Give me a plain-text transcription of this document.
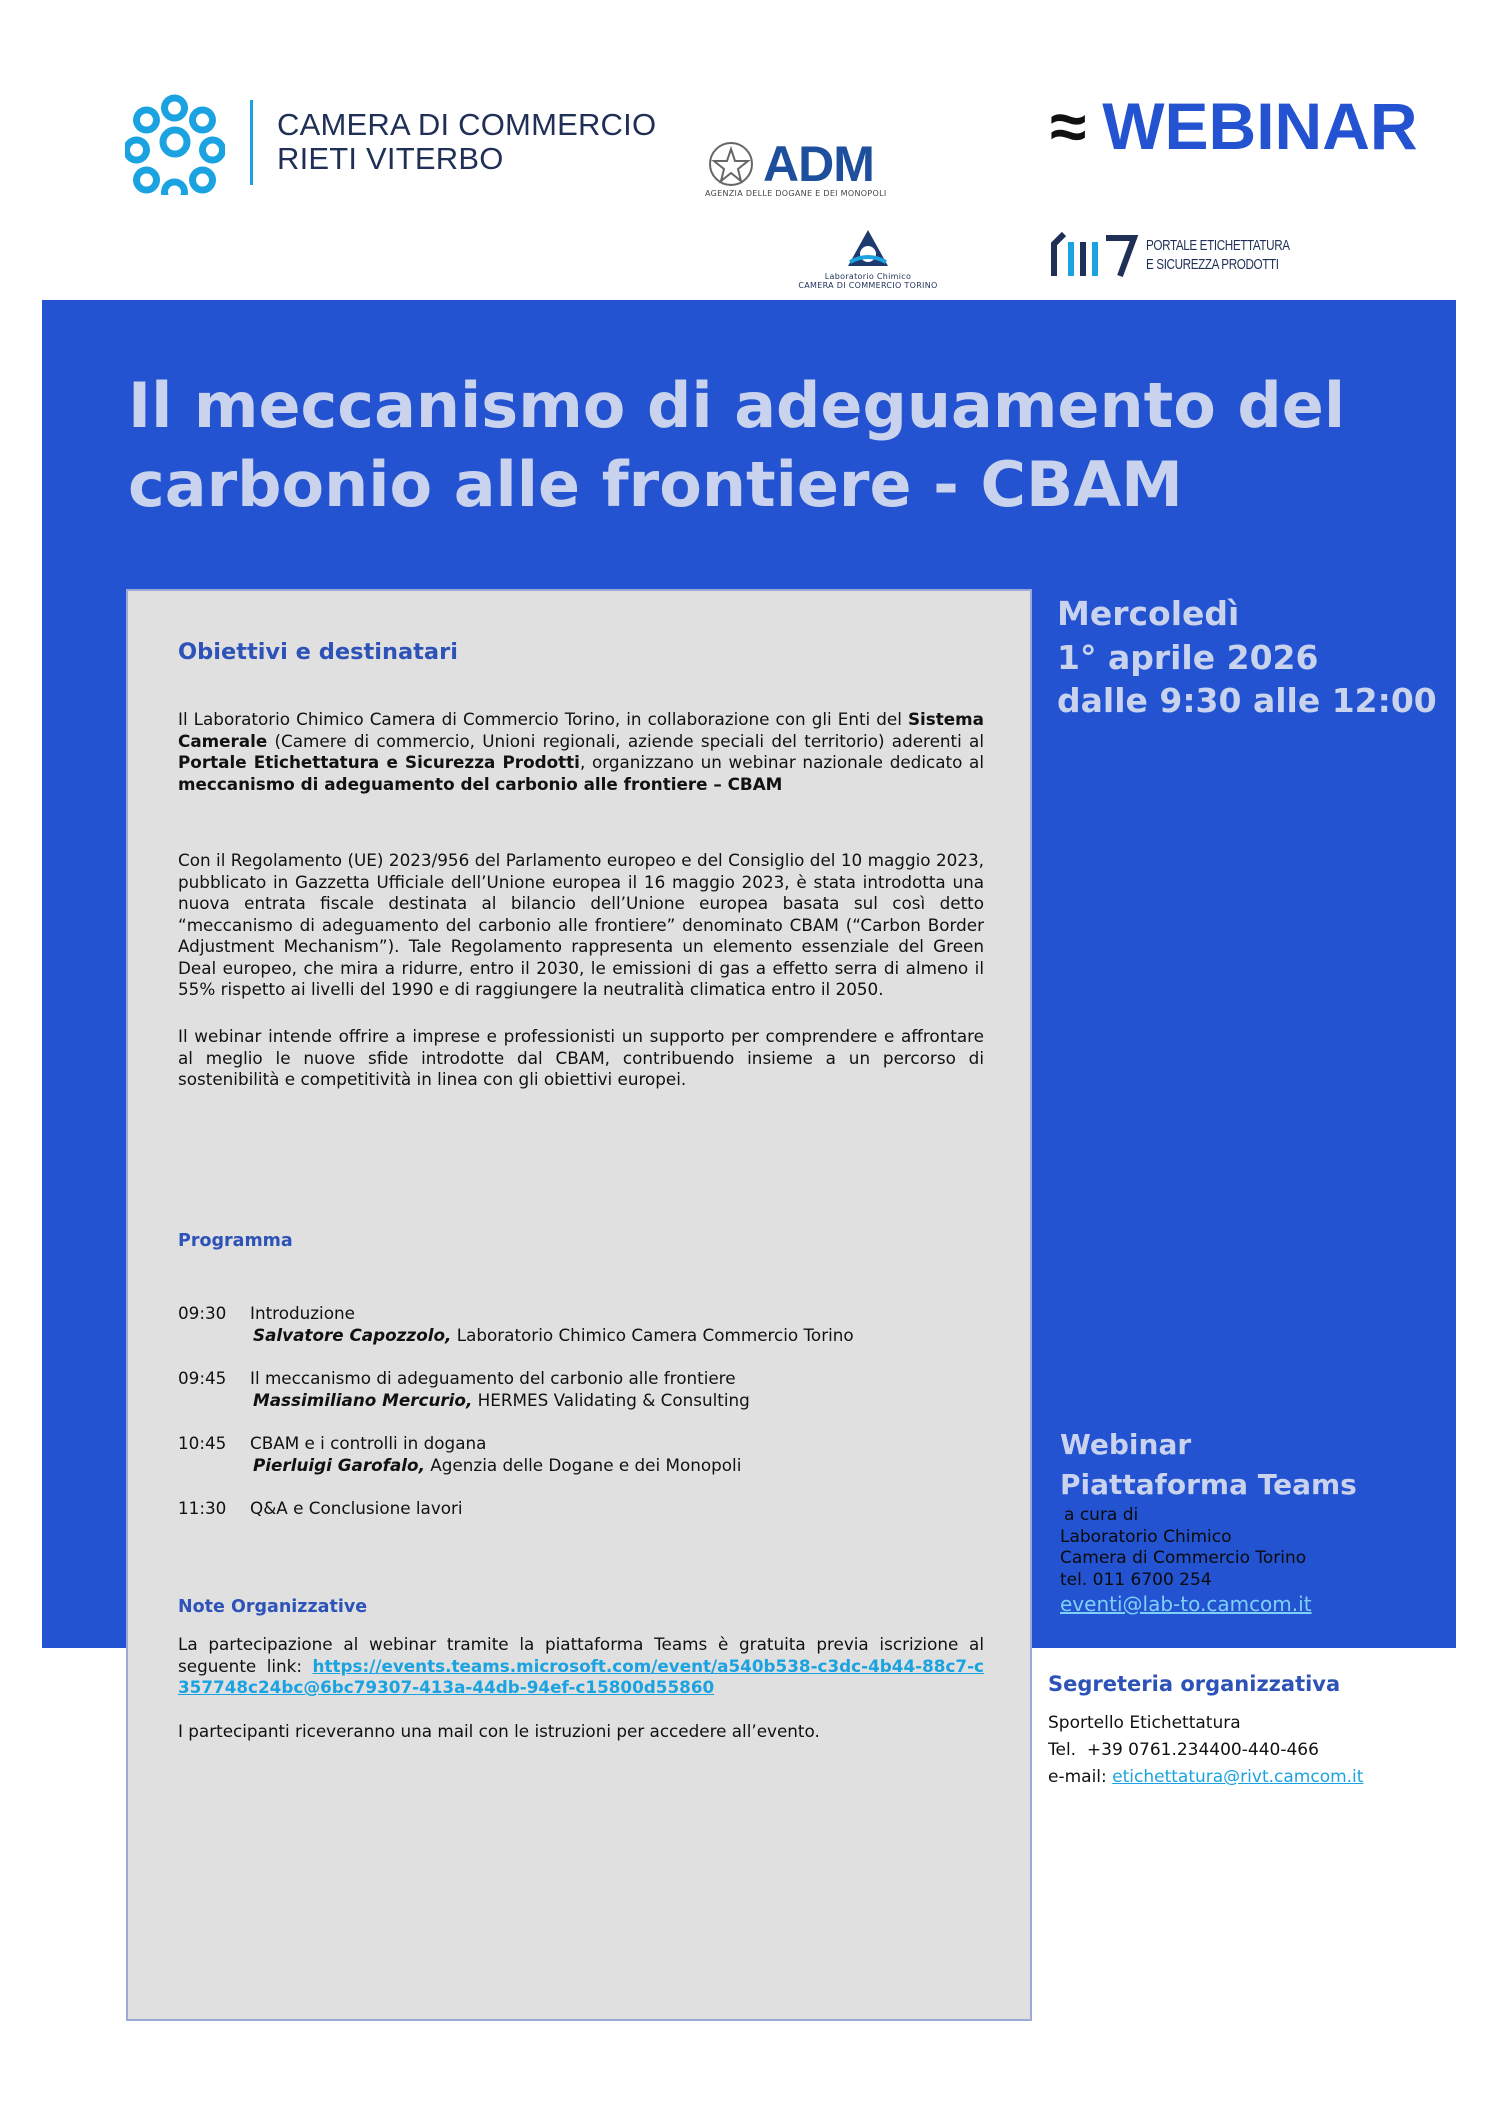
CAMERA DI COMMERCIO
RIETI VITERBO	ADM
AGENZIA DELLE DOGANE E DEI MONOPOLI
≈ WEBINAR
Laboratorio Chimico
CAMERA DI COMMERCIO TORINO
PORTALE ETICHETTATURA
E SICUREZZA PRODOTTI
Il meccanismo di adeguamento del
carbonio alle frontiere - CBAM
Obiettivi e destinatari

Il Laboratorio Chimico Camera di Commercio Torino, in collaborazione con gli Enti del Sistema Camerale (Camere di commercio, Unioni regionali, aziende speciali del territorio) aderenti al Portale Etichettatura e Sicurezza Prodotti, organizzano un webinar nazionale dedicato al meccanismo di adeguamento del carbonio alle frontiere – CBAM

Con il Regolamento (UE) 2023/956 del Parlamento europeo e del Consiglio del 10 maggio 2023, pubblicato in Gazzetta Ufficiale dell’Unione europea il 16 maggio 2023, è stata introdotta una nuova entrata fiscale destinata al bilancio dell’Unione europea basata sul così detto “meccanismo di adeguamento del carbonio alle frontiere” denominato CBAM (“Carbon Border Adjustment Mechanism”). Tale Regolamento rappresenta un elemento essenziale del Green Deal europeo, che mira a ridurre, entro il 2030, le emissioni di gas a effetto serra di almeno il 55% rispetto ai livelli del 1990 e di raggiungere la neutralità climatica entro il 2050.

Il webinar intende offrire a imprese e professionisti un supporto per comprendere e affrontare al meglio le nuove sfide introdotte dal CBAM, contribuendo insieme a un percorso di sostenibilità e competitività in linea con gli obiettivi europei.

Programma
09:30 Introduzione
Salvatore Capozzolo, Laboratorio Chimico Camera Commercio Torino
09:45 Il meccanismo di adeguamento del carbonio alle frontiere
Massimiliano Mercurio, HERMES Validating & Consulting
10:45 CBAM e i controlli in dogana
Pierluigi Garofalo, Agenzia delle Dogane e dei Monopoli
11:30 Q&A e Conclusione lavori
Note Organizzative

La partecipazione al webinar tramite la piattaforma Teams è gratuita previa iscrizione al seguente link: https://events.teams.microsoft.com/event/a540b538-c3dc-4b44-88c7-c357748c24bc@6bc79307-413a-44db-94ef-c15800d55860

I partecipanti riceveranno una mail con le istruzioni per accedere all’evento.

Mercoledì
1° aprile 2026
dalle 9:30 alle 12:00
Webinar
Piattaforma Teams
a cura di
Laboratorio Chimico
Camera di Commercio Torino
tel. 011 6700 254
eventi@lab-to.camcom.it
Segreteria organizzativa
Sportello Etichettatura
Tel. +39 0761.234400-440-466
e-mail: etichettatura@rivt.camcom.it
